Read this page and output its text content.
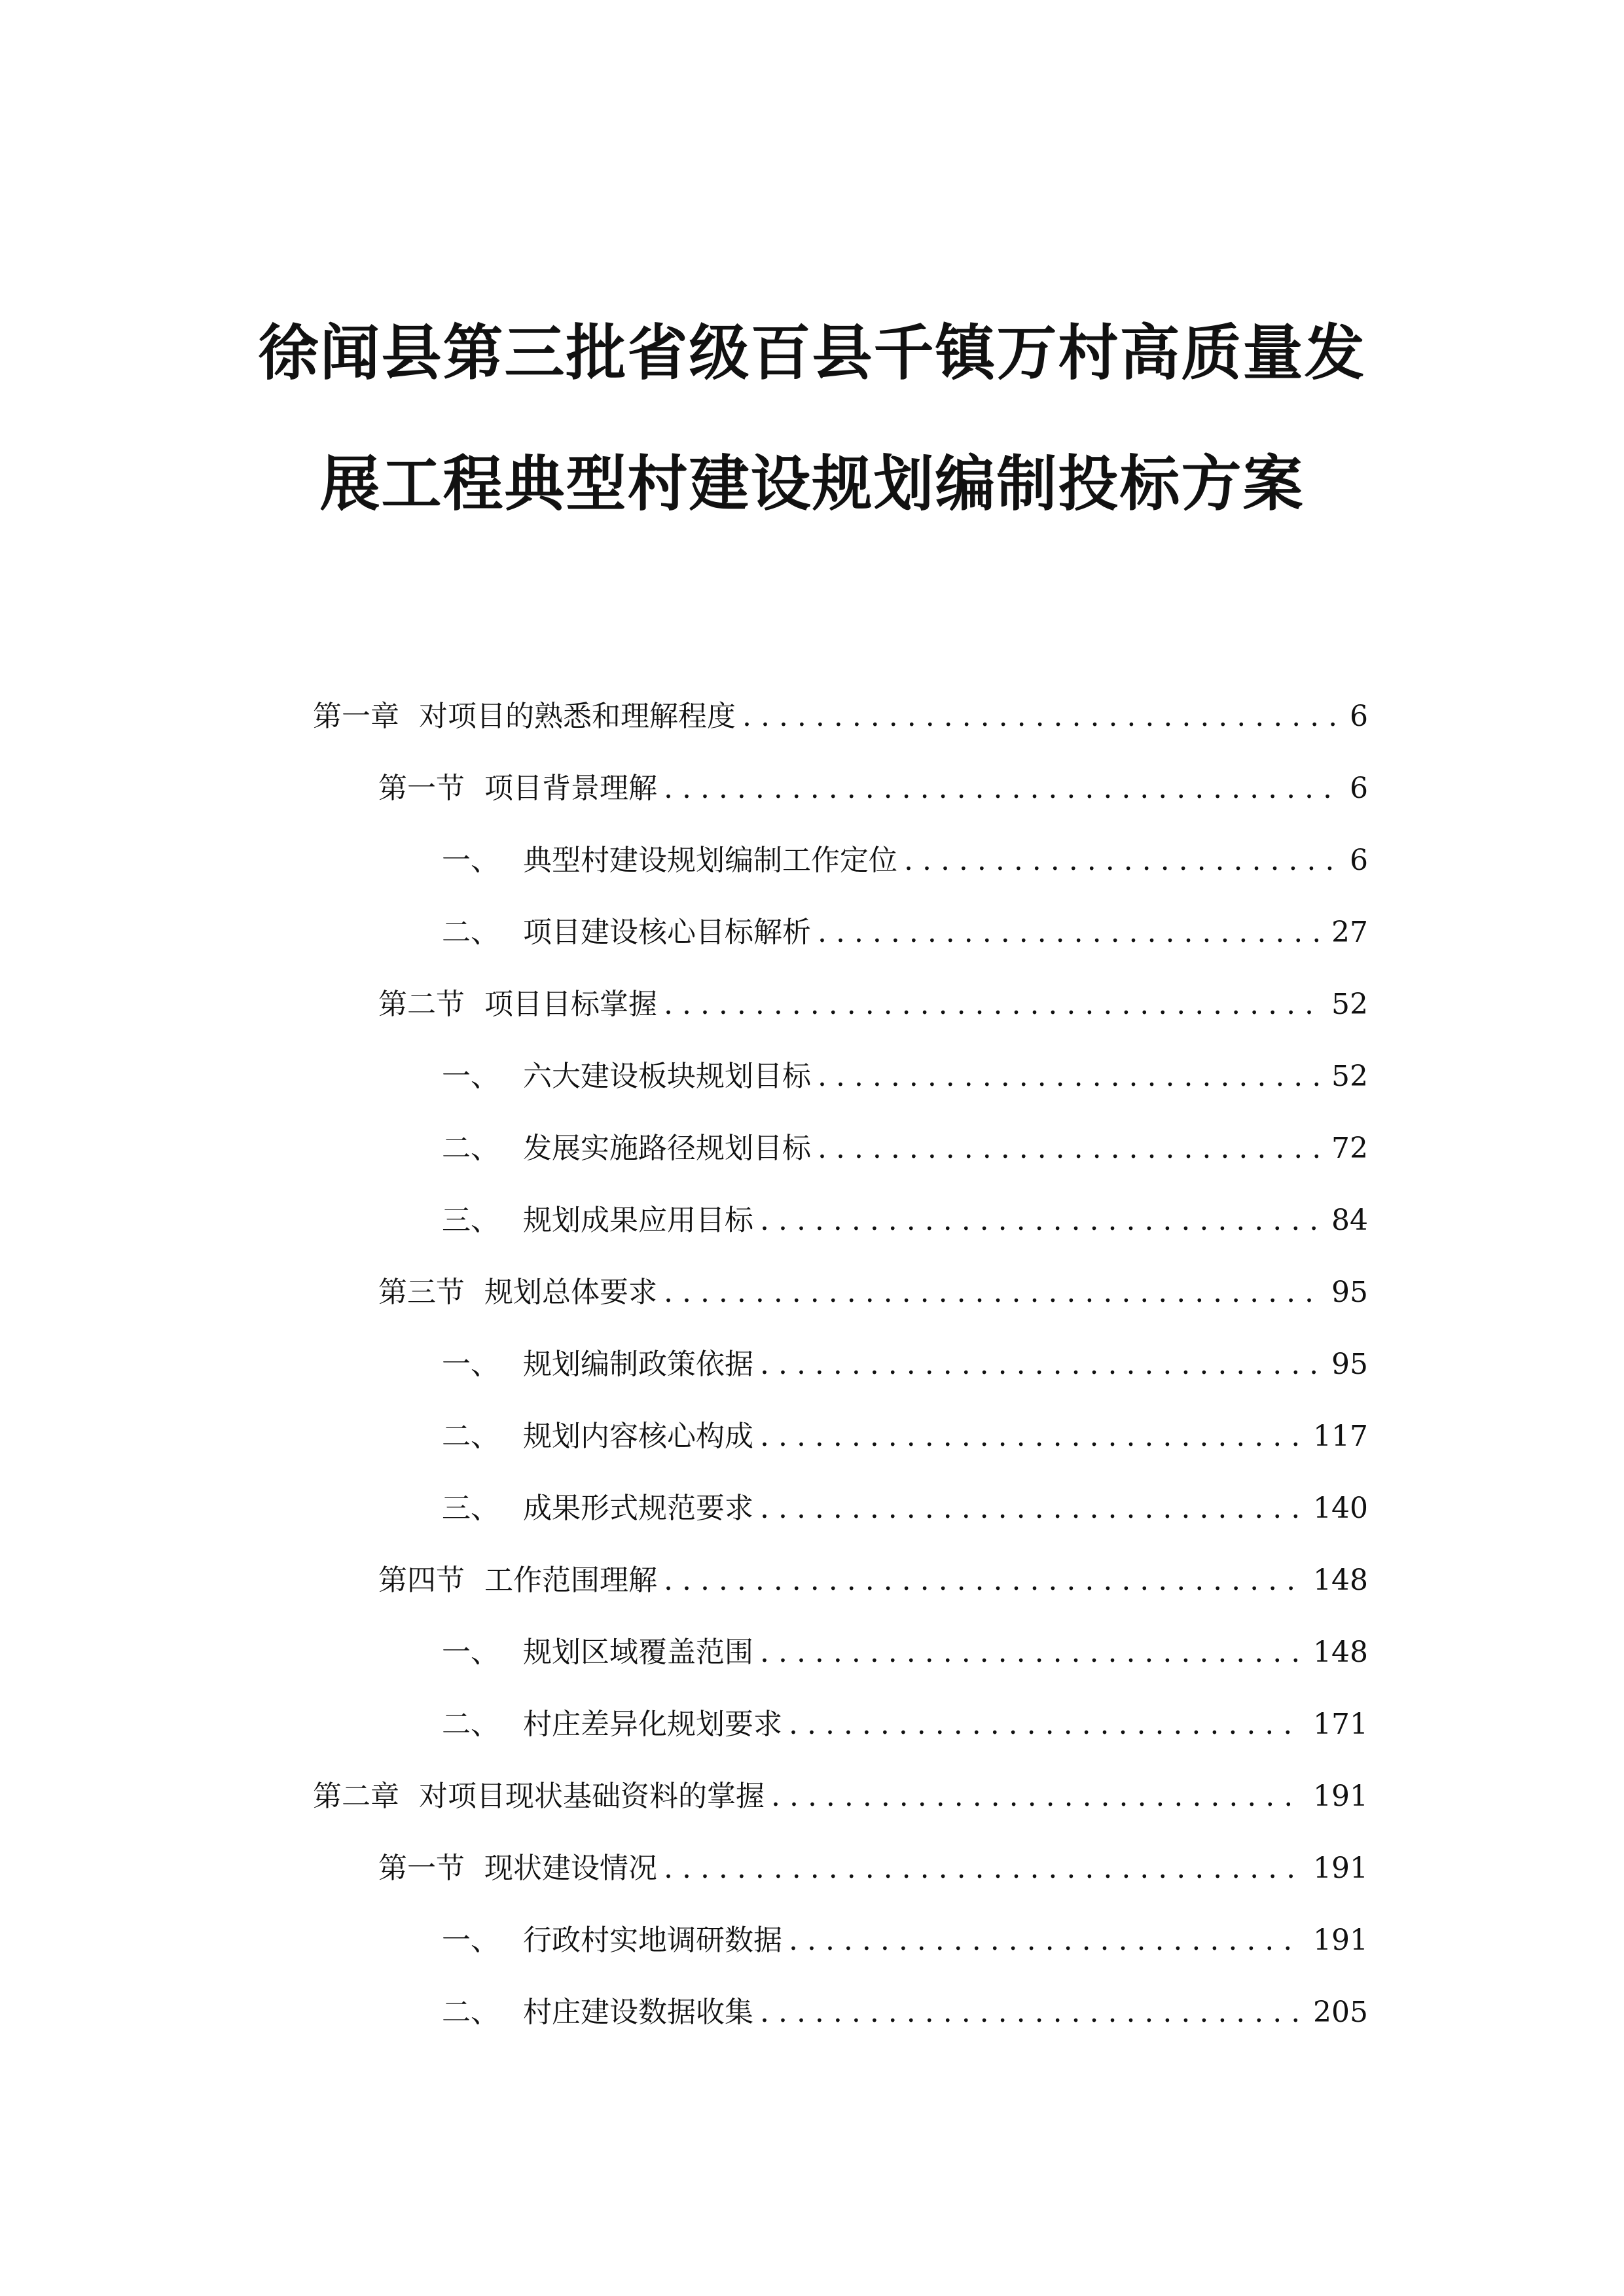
徐闻县第三批省级百县千镇万村高质量发
展工程典型村建设规划编制投标方案
第一章 对项目的熟悉和理解程度 . . .	6
第一节 项目背景理解 . . .	6
一、 典型村建设规划编制工作定位 . . .	6
二、 项目建设核心目标解析 . . .	27
第二节 项目目标掌握 . . .	52
一、 六大建设板块规划目标 . . .	52
二、 发展实施路径规划目标 . . .	72
三、 规划成果应用目标 . . .	84
第三节 规划总体要求 . . .	95
一、 规划编制政策依据 . . .	95
二、 规划内容核心构成 . . .	117
三、 成果形式规范要求 . . .	140
第四节 工作范围理解 . . .	148
一、 规划区域覆盖范围 . . .	148
二、 村庄差异化规划要求 . . .	171
第二章 对项目现状基础资料的掌握 . . .	191
第一节 现状建设情况 . . .	191
一、 行政村实地调研数据 . . .	191
二、 村庄建设数据收集 . . .	205
